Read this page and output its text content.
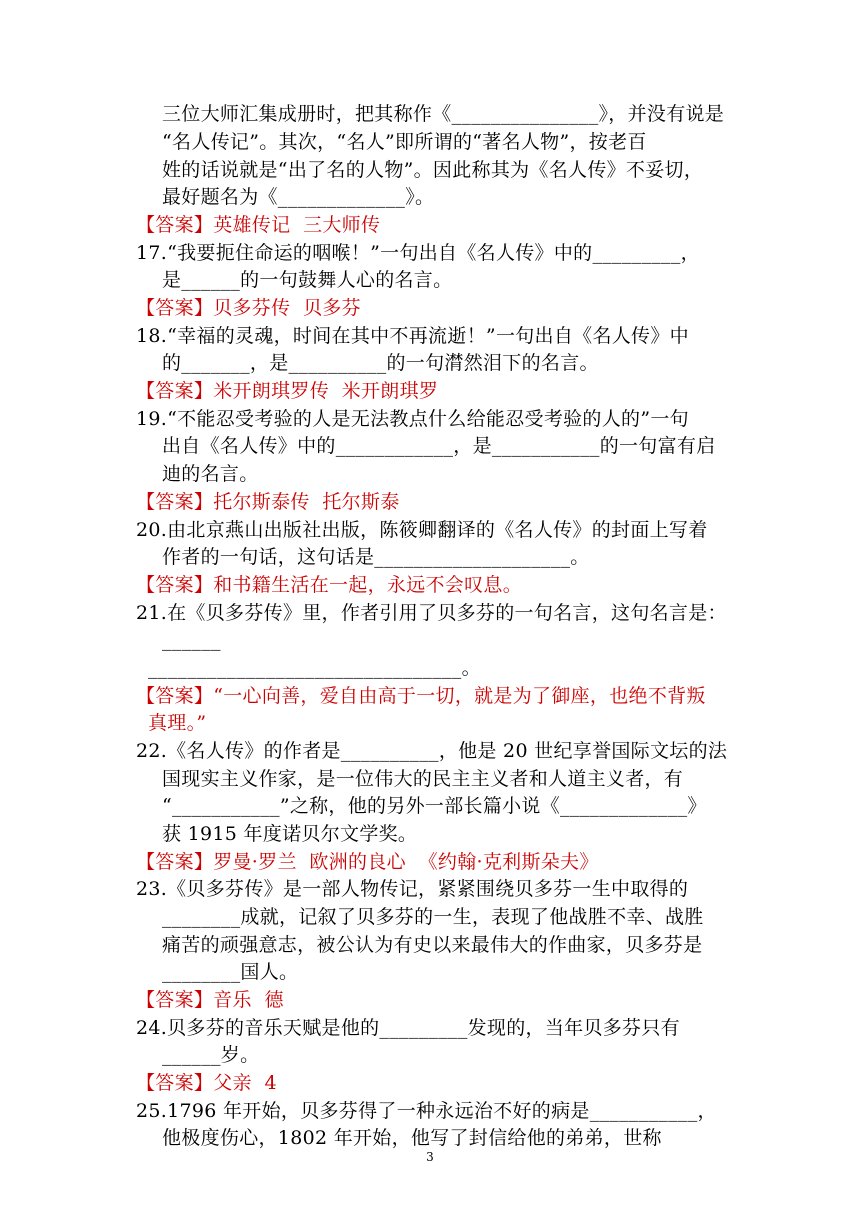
三位大师汇集成册时，把其称作《_______________》，并没有说是
“名人传记”。其次，“名人”即所谓的“著名人物”，按老百
姓的话说就是“出了名的人物”。因此称其为《名人传》不妥切，
最好题名为《_____________》。
【答案】英雄传记  三大师传
17.“我要扼住命运的咽喉！”一句出自《名人传》中的_________，
是______的一句鼓舞人心的名言。
【答案】贝多芬传  贝多芬
18.“幸福的灵魂，时间在其中不再流逝！”一句出自《名人传》中
的_______，是__________的一句潸然泪下的名言。
【答案】米开朗琪罗传  米开朗琪罗
19.“不能忍受考验的人是无法教点什么给能忍受考验的人的”一句
出自《名人传》中的____________，是___________的一句富有启
迪的名言。
【答案】托尔斯泰传  托尔斯泰
20.由北京燕山出版社出版，陈筱卿翻译的《名人传》的封面上写着
作者的一句话，这句话是____________________。
【答案】和书籍生活在一起，永远不会叹息。
21.在《贝多芬传》里，作者引用了贝多芬的一句名言，这句名言是：
______
________________________________。
【答案】“一心向善，爱自由高于一切，就是为了御座，也绝不背叛
真理。”
22.《名人传》的作者是__________，他是 20 世纪享誉国际文坛的法
国现实主义作家，是一位伟大的民主主义者和人道主义者，有
“___________”之称，他的另外一部长篇小说《_____________》
获 1915 年度诺贝尔文学奖。
【答案】罗曼·罗兰  欧洲的良心  《约翰·克利斯朵夫》
23.《贝多芬传》是一部人物传记，紧紧围绕贝多芬一生中取得的
________成就，记叙了贝多芬的一生，表现了他战胜不幸、战胜
痛苦的顽强意志，被公认为有史以来最伟大的作曲家，贝多芬是
________国人。
【答案】音乐  德
24.贝多芬的音乐天赋是他的_________发现的，当年贝多芬只有
______岁。
【答案】父亲  4
25.1796 年开始，贝多芬得了一种永远治不好的病是___________，
他极度伤心，1802 年开始，他写了封信给他的弟弟，世称
3
